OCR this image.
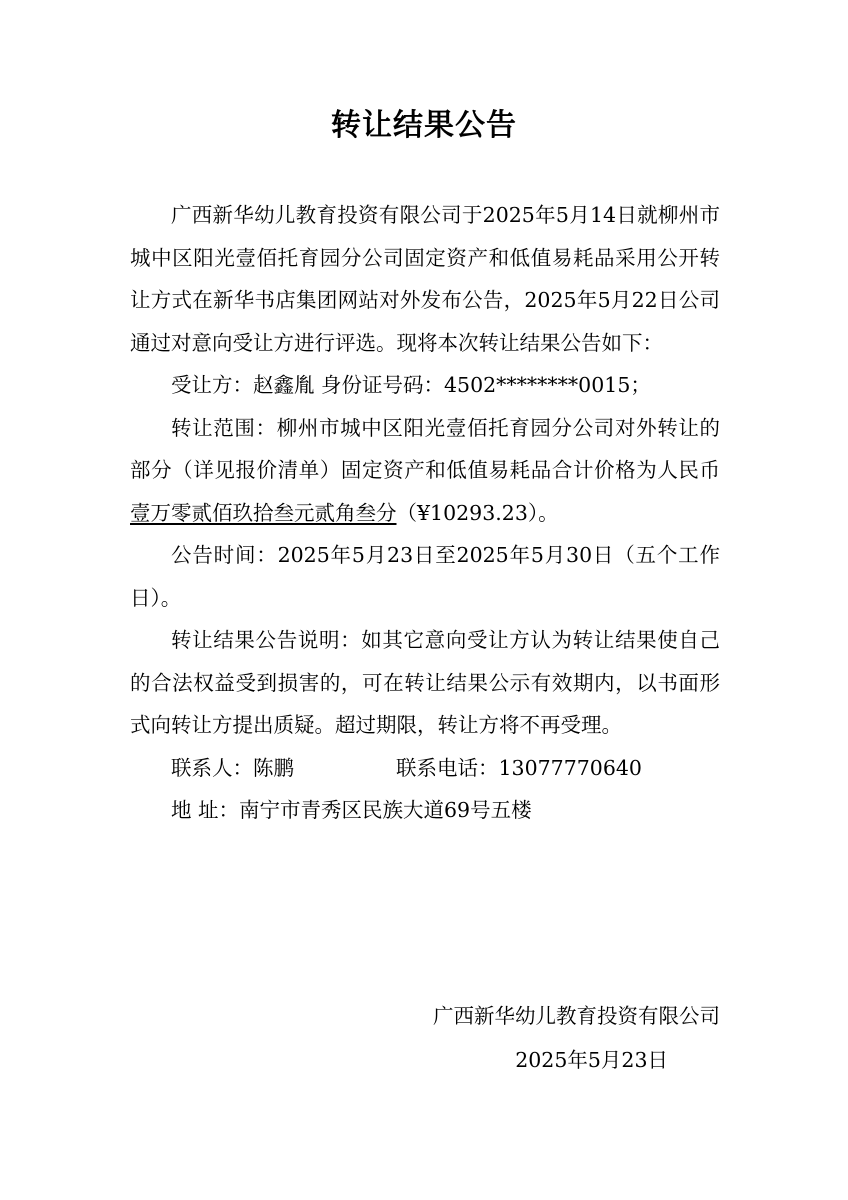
转让结果公告

广西新华幼儿教育投资有限公司于2025年5月14日就柳州市城中区阳光壹佰托育园分公司固定资产和低值易耗品采用公开转让方式在新华书店集团网站对外发布公告，2025年5月22日公司通过对意向受让方进行评选。现将本次转让结果公告如下：

受让方：赵鑫胤 身份证号码：4502********0015；

转让范围：柳州市城中区阳光壹佰托育园分公司对外转让的部分（详见报价清单）固定资产和低值易耗品合计价格为人民币壹万零贰佰玖拾叁元贰角叁分（¥10293.23）。

公告时间：2025年5月23日至2025年5月30日（五个工作日）。

转让结果公告说明：如其它意向受让方认为转让结果使自己的合法权益受到损害的，可在转让结果公示有效期内，以书面形式向转让方提出质疑。超过期限，转让方将不再受理。

联系人：陈鹏	联系电话：13077770640
地 址：南宁市青秀区民族大道69号五楼
广西新华幼儿教育投资有限公司
2025年5月23日
